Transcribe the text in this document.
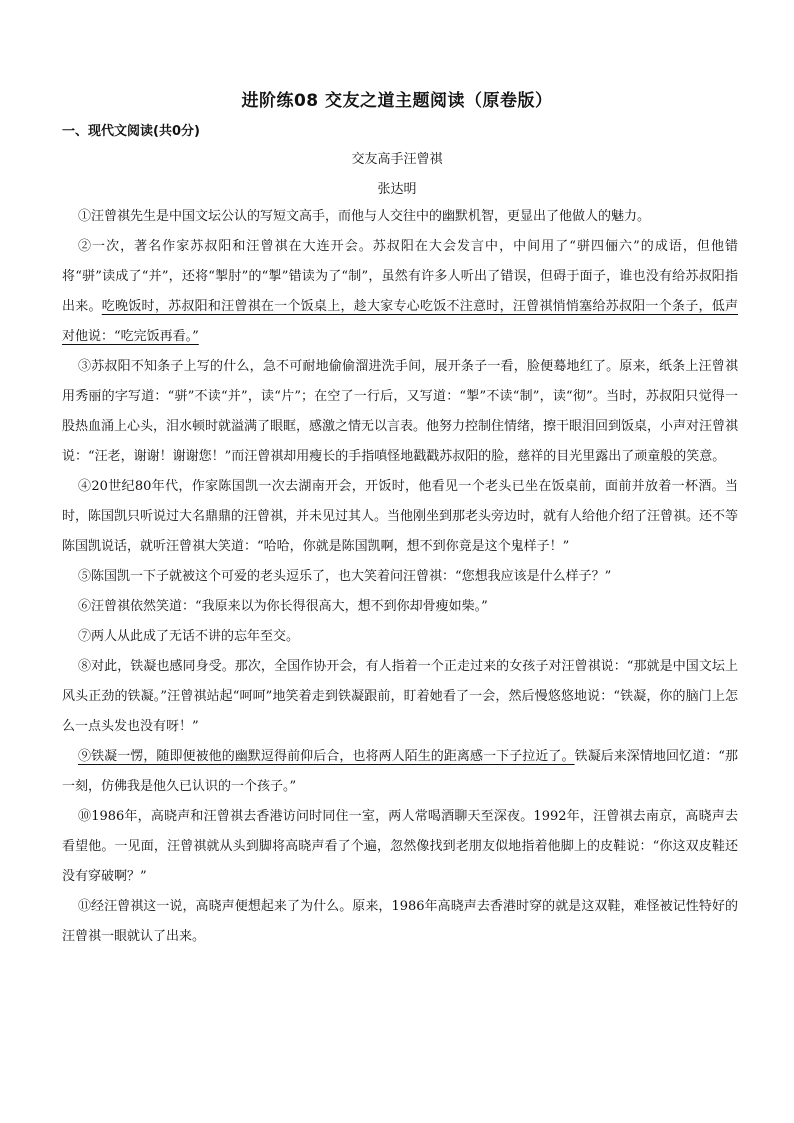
进阶练08 交友之道主题阅读（原卷版）
一、现代文阅读(共0分)
交友高手汪曾祺
张达明

①汪曾祺先生是中国文坛公认的写短文高手，而他与人交往中的幽默机智，更显出了他做人的魅力。

②一次，著名作家苏叔阳和汪曾祺在大连开会。苏叔阳在大会发言中，中间用了“骈四俪六”的成语，但他错将“骈”读成了“并”，还将“掣肘”的“掣”错读为了“制”，虽然有许多人听出了错误，但碍于面子，谁也没有给苏叔阳指出来。吃晚饭时，苏叔阳和汪曾祺在一个饭桌上，趁大家专心吃饭不注意时，汪曾祺悄悄塞给苏叔阳一个条子，低声对他说：“吃完饭再看。”

③苏叔阳不知条子上写的什么，急不可耐地偷偷溜进洗手间，展开条子一看，脸便蓦地红了。原来，纸条上汪曾祺用秀丽的字写道：“骈”不读“并”，读“片”；在空了一行后，又写道：“掣”不读“制”，读“彻”。当时，苏叔阳只觉得一股热血涌上心头，泪水顿时就溢满了眼眶，感激之情无以言表。他努力控制住情绪，擦干眼泪回到饭桌，小声对汪曾祺说：“汪老，谢谢！谢谢您！”而汪曾祺却用瘦长的手指嗔怪地戳戳苏叔阳的脸，慈祥的目光里露出了顽童般的笑意。

④20世纪80年代，作家陈国凯一次去湖南开会，开饭时，他看见一个老头已坐在饭桌前，面前并放着一杯酒。当时，陈国凯只听说过大名鼎鼎的汪曾祺，并未见过其人。当他刚坐到那老头旁边时，就有人给他介绍了汪曾祺。还不等陈国凯说话，就听汪曾祺大笑道：“哈哈，你就是陈国凯啊，想不到你竟是这个鬼样子！”

⑤陈国凯一下子就被这个可爱的老头逗乐了，也大笑着问汪曾祺：“您想我应该是什么样子？”

⑥汪曾祺依然笑道：“我原来以为你长得很高大，想不到你却骨瘦如柴。”

⑦两人从此成了无话不讲的忘年至交。

⑧对此，铁凝也感同身受。那次，全国作协开会，有人指着一个正走过来的女孩子对汪曾祺说：“那就是中国文坛上风头正劲的铁凝。”汪曾祺站起“呵呵”地笑着走到铁凝跟前，盯着她看了一会，然后慢悠悠地说：“铁凝，你的脑门上怎么一点头发也没有呀！”

⑨铁凝一愣，随即便被他的幽默逗得前仰后合，也将两人陌生的距离感一下子拉近了。铁凝后来深情地回忆道：“那一刻，仿佛我是他久已认识的一个孩子。”

⑩1986年，高晓声和汪曾祺去香港访问时同住一室，两人常喝酒聊天至深夜。1992年，汪曾祺去南京，高晓声去看望他。一见面，汪曾祺就从头到脚将高晓声看了个遍，忽然像找到老朋友似地指着他脚上的皮鞋说：“你这双皮鞋还没有穿破啊？”

⑪经汪曾祺这一说，高晓声便想起来了为什么。原来，1986年高晓声去香港时穿的就是这双鞋，难怪被记性特好的汪曾祺一眼就认了出来。
